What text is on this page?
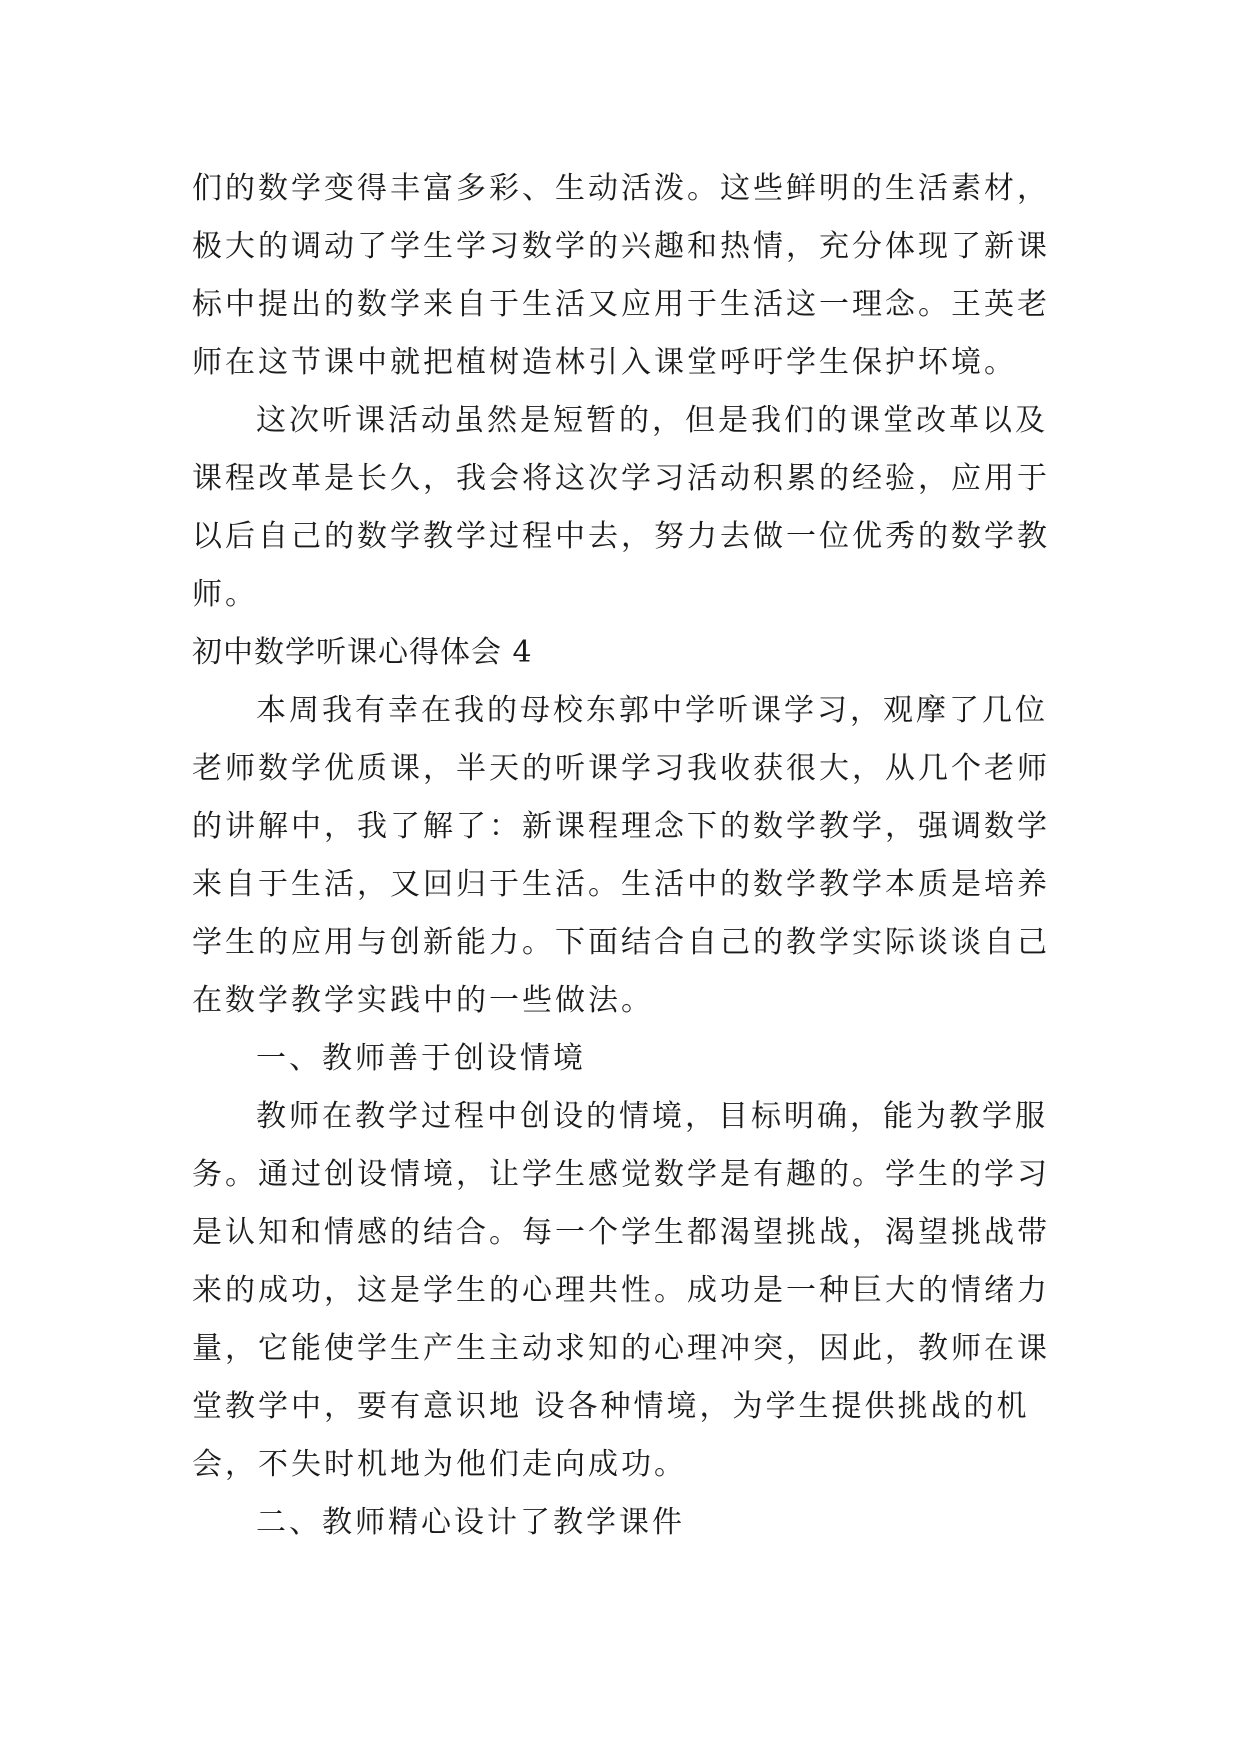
们的数学变得丰富多彩、生动活泼。这些鲜明的生活素材，
极大的调动了学生学习数学的兴趣和热情，充分体现了新课
标中提出的数学来自于生活又应用于生活这一理念。王英老
师在这节课中就把植树造林引入课堂呼吁学生保护坏境。
这次听课活动虽然是短暂的，但是我们的课堂改革以及
课程改革是长久，我会将这次学习活动积累的经验，应用于
以后自己的数学教学过程中去，努力去做一位优秀的数学教
师。
初中数学听课心得体会 4
本周我有幸在我的母校东郭中学听课学习，观摩了几位
老师数学优质课，半天的听课学习我收获很大，从几个老师
的讲解中，我了解了：新课程理念下的数学教学，强调数学
来自于生活，又回归于生活。生活中的数学教学本质是培养
学生的应用与创新能力。下面结合自己的教学实际谈谈自己
在数学教学实践中的一些做法。
一、教师善于创设情境
教师在教学过程中创设的情境，目标明确，能为教学服
务。通过创设情境，让学生感觉数学是有趣的。学生的学习
是认知和情感的结合。每一个学生都渴望挑战，渴望挑战带
来的成功，这是学生的心理共性。成功是一种巨大的情绪力
量，它能使学生产生主动求知的心理冲突，因此，教师在课
堂教学中，要有意识地 设各种情境，为学生提供挑战的机
会，不失时机地为他们走向成功。
二、教师精心设计了教学课件
